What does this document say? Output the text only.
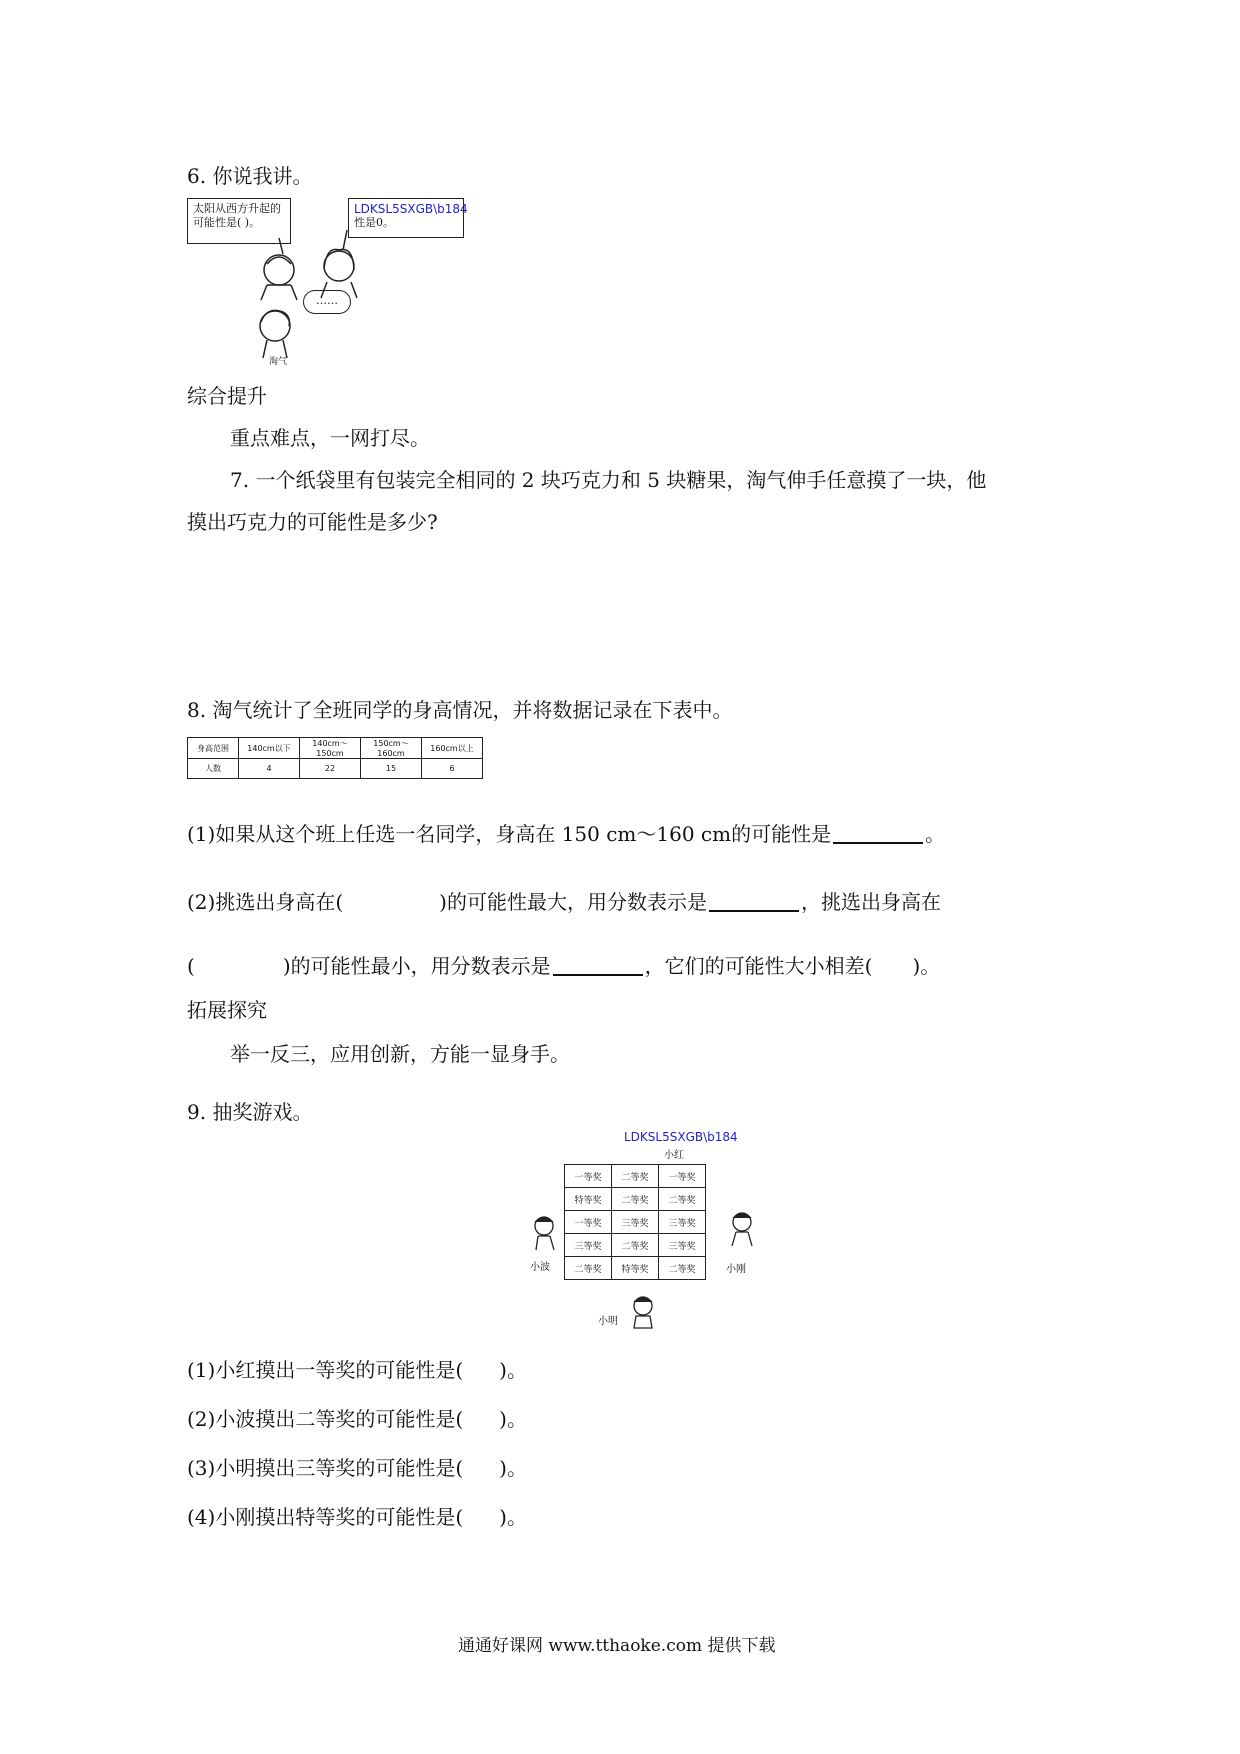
6. 你说我讲。
太阳从西方升起的可能性是( )。
LDKSL5SXGB\b184
性是0。
……
淘气
综合提升
重点难点，一网打尽。
7. 一个纸袋里有包装完全相同的 2 块巧克力和 5 块糖果，淘气伸手任意摸了一块，他
摸出巧克力的可能性是多少?
8. 淘气统计了全班同学的身高情况，并将数据记录在下表中。
身高范围	140cm以下	140cm～150cm	150cm～160cm	160cm以上
人数	4	22	15	6
(1)如果从这个班上任选一名同学，身高在 150 cm～160 cm的可能性是	。
(2)挑选出身高在(	)的可能性最大，用分数表示是	，挑选出身高在
(	)的可能性最小，用分数表示是	，它们的可能性大小相差( )。
拓展探究
举一反三，应用创新，方能一显身手。
9. 抽奖游戏。
LDKSL5SXGB\b184
小红
一等奖	二等奖	一等奖
特等奖	二等奖	二等奖
一等奖	三等奖	三等奖
三等奖	二等奖	三等奖
二等奖	特等奖	二等奖
小波	小刚
小明
(1)小红摸出一等奖的可能性是( )。
(2)小波摸出二等奖的可能性是( )。
(3)小明摸出三等奖的可能性是( )。
(4)小刚摸出特等奖的可能性是( )。
通通好课网 www.tthaoke.com 提供下载
